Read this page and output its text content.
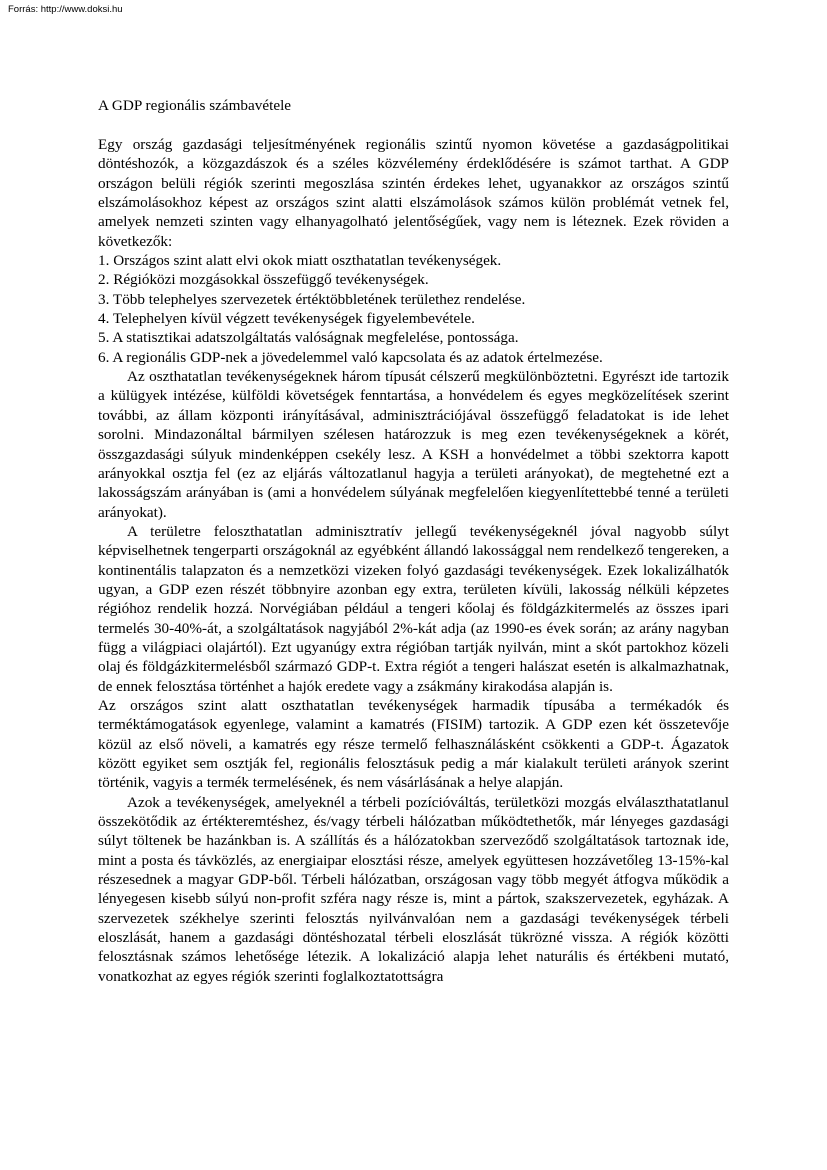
Forrás: http://www.doksi.hu
A GDP regionális számbavétele

Egy ország gazdasági teljesítményének regionális szintű nyomon követése a gazdaságpolitikai döntéshozók, a közgazdászok és a széles közvélemény érdeklődésére is számot tarthat. A GDP országon belüli régiók szerinti megoszlása szintén érdekes lehet, ugyanakkor az országos szintű elszámolásokhoz képest az országos szint alatti elszámolások számos külön problémát vetnek fel, amelyek nemzeti szinten vagy elhanyagolható jelentőségűek, vagy nem is léteznek. Ezek röviden a következők:

1. Országos szint alatt elvi okok miatt oszthatatlan tevékenységek.
2. Régióközi mozgásokkal összefüggő tevékenységek.
3. Több telephelyes szervezetek értéktöbbletének területhez rendelése.
4. Telephelyen kívül végzett tevékenységek figyelembevétele.
5. A statisztikai adatszolgáltatás valóságnak megfelelése, pontossága.
6. A regionális GDP-nek a jövedelemmel való kapcsolata és az adatok értelmezése.

Az oszthatatlan tevékenységeknek három típusát célszerű megkülönböztetni. Egyrészt ide tartozik a külügyek intézése, külföldi követségek fenntartása, a honvédelem és egyes megközelítések szerint további, az állam központi irányításával, adminisztrációjával összefüggő feladatokat is ide lehet sorolni. Mindazonáltal bármilyen szélesen határozzuk is meg ezen tevékenységeknek a körét, összgazdasági súlyuk mindenképpen csekély lesz. A KSH a honvédelmet a többi szektorra kapott arányokkal osztja fel (ez az eljárás változatlanul hagyja a területi arányokat), de megtehetné ezt a lakosságszám arányában is (ami a honvédelem súlyának megfelelően kiegyenlítettebbé tenné a területi arányokat).

A területre feloszthatatlan adminisztratív jellegű tevékenységeknél jóval nagyobb súlyt képviselhetnek tengerparti országoknál az egyébként állandó lakossággal nem rendelkező tengereken, a kontinentális talapzaton és a nemzetközi vizeken folyó gazdasági tevékenységek. Ezek lokalizálhatók ugyan, a GDP ezen részét többnyire azonban egy extra, területen kívüli, lakosság nélküli képzetes régióhoz rendelik hozzá. Norvégiában például a tengeri kőolaj és földgázkitermelés az összes ipari termelés 30-40%-át, a szolgáltatások nagyjából 2%-kát adja (az 1990-es évek során; az arány nagyban függ a világpiaci olajártól). Ezt ugyanúgy extra régióban tartják nyilván, mint a skót partokhoz közeli olaj és földgázkitermelésből származó GDP-t. Extra régiót a tengeri halászat esetén is alkalmazhatnak, de ennek felosztása történhet a hajók eredete vagy a zsákmány kirakodása alapján is.

Az országos szint alatt oszthatatlan tevékenységek harmadik típusába a termékadók és terméktámogatások egyenlege, valamint a kamatrés (FISIM) tartozik. A GDP ezen két összetevője közül az első növeli, a kamatrés egy része termelő felhasználásként csökkenti a GDP-t. Ágazatok között egyiket sem osztják fel, regionális felosztásuk pedig a már kialakult területi arányok szerint történik, vagyis a termék termelésének, és nem vásárlásának a helye alapján.

Azok a tevékenységek, amelyeknél a térbeli pozícióváltás, területközi mozgás elválaszthatatlanul összekötődik az értékteremtéshez, és/vagy térbeli hálózatban működtethetők, már lényeges gazdasági súlyt töltenek be hazánkban is. A szállítás és a hálózatokban szerveződő szolgáltatások tartoznak ide, mint a posta és távközlés, az energiaipar elosztási része, amelyek együttesen hozzávetőleg 13-15%-kal részesednek a magyar GDP-ből. Térbeli hálózatban, országosan vagy több megyét átfogva működik a lényegesen kisebb súlyú non-profit szféra nagy része is, mint a pártok, szakszervezetek, egyházak. A szervezetek székhelye szerinti felosztás nyilvánvalóan nem a gazdasági tevékenységek térbeli eloszlását, hanem a gazdasági döntéshozatal térbeli eloszlását tükrözné vissza. A régiók közötti felosztásnak számos lehetősége létezik. A lokalizáció alapja lehet naturális és értékbeni mutató, vonatkozhat az egyes régiók szerinti foglalkoztatottságra
